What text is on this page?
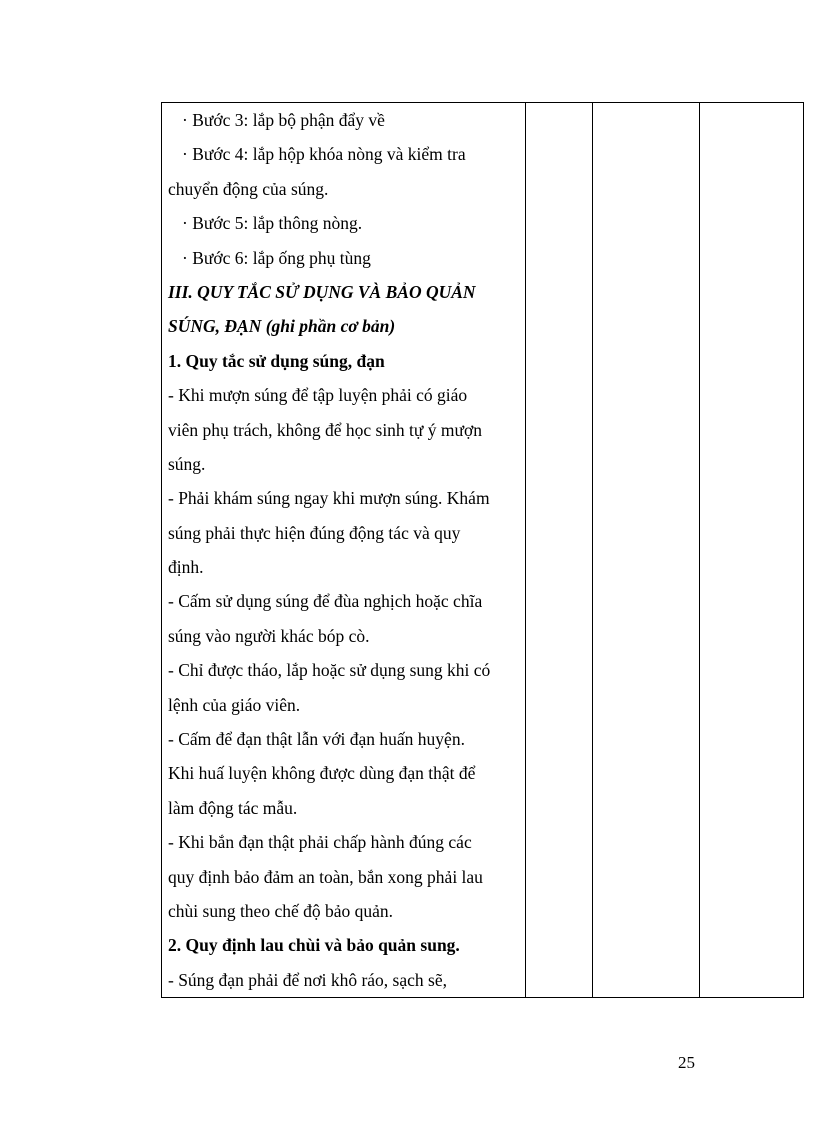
· Bước 3: lắp bộ phận đẩy về
· Bước 4: lắp hộp khóa nòng và kiểm tra
chuyển động của súng.
· Bước 5: lắp thông nòng.
· Bước 6: lắp ống phụ tùng
III. QUY TẮC SỬ DỤNG VÀ BẢO QUẢN
SÚNG, ĐẠN (ghi phần cơ bản)
1. Quy tắc sử dụng súng, đạn
- Khi mượn súng để tập luyện phải có giáo
viên phụ trách, không để học sinh tự ý mượn
súng.
- Phải khám súng ngay khi mượn súng. Khám
súng phải thực hiện đúng động tác và quy
định.
- Cấm sử dụng súng để đùa nghịch hoặc chĩa
súng vào người khác bóp cò.
- Chỉ được tháo, lắp hoặc sử dụng sung khi có
lệnh của giáo viên.
- Cấm để đạn thật lẫn với đạn huấn huyện.
Khi huấ luyện không được dùng đạn thật để
làm động tác mẫu.
- Khi bắn đạn thật phải chấp hành đúng các
quy định bảo đảm an toàn, bắn xong phải lau
chùi sung theo chế độ bảo quản.
2. Quy định lau chùi và bảo quản sung.
- Súng đạn phải để nơi khô ráo, sạch sẽ,

25
